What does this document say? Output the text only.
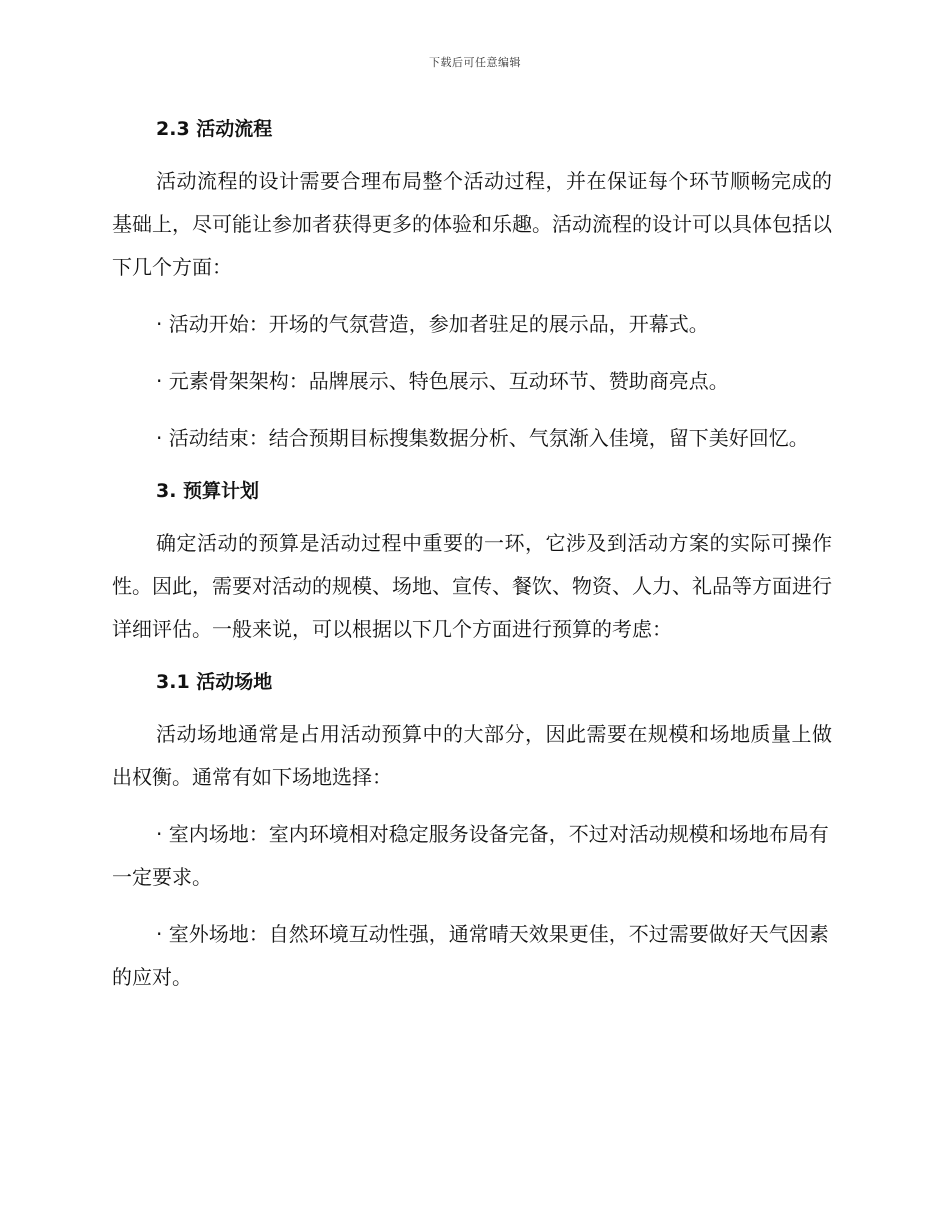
下载后可任意编辑
2.3 活动流程

活动流程的设计需要合理布局整个活动过程，并在保证每个环节顺畅完成的基础上，尽可能让参加者获得更多的体验和乐趣。活动流程的设计可以具体包括以下几个方面：

· 活动开始：开场的气氛营造，参加者驻足的展示品，开幕式。

· 元素骨架架构：品牌展示、特色展示、互动环节、赞助商亮点。

· 活动结束：结合预期目标搜集数据分析、气氛渐入佳境，留下美好回忆。

3. 预算计划

确定活动的预算是活动过程中重要的一环，它涉及到活动方案的实际可操作性。因此，需要对活动的规模、场地、宣传、餐饮、物资、人力、礼品等方面进行详细评估。一般来说，可以根据以下几个方面进行预算的考虑：

3.1 活动场地

活动场地通常是占用活动预算中的大部分，因此需要在规模和场地质量上做出权衡。通常有如下场地选择：

· 室内场地：室内环境相对稳定服务设备完备，不过对活动规模和场地布局有一定要求。

· 室外场地：自然环境互动性强，通常晴天效果更佳，不过需要做好天气因素的应对。
